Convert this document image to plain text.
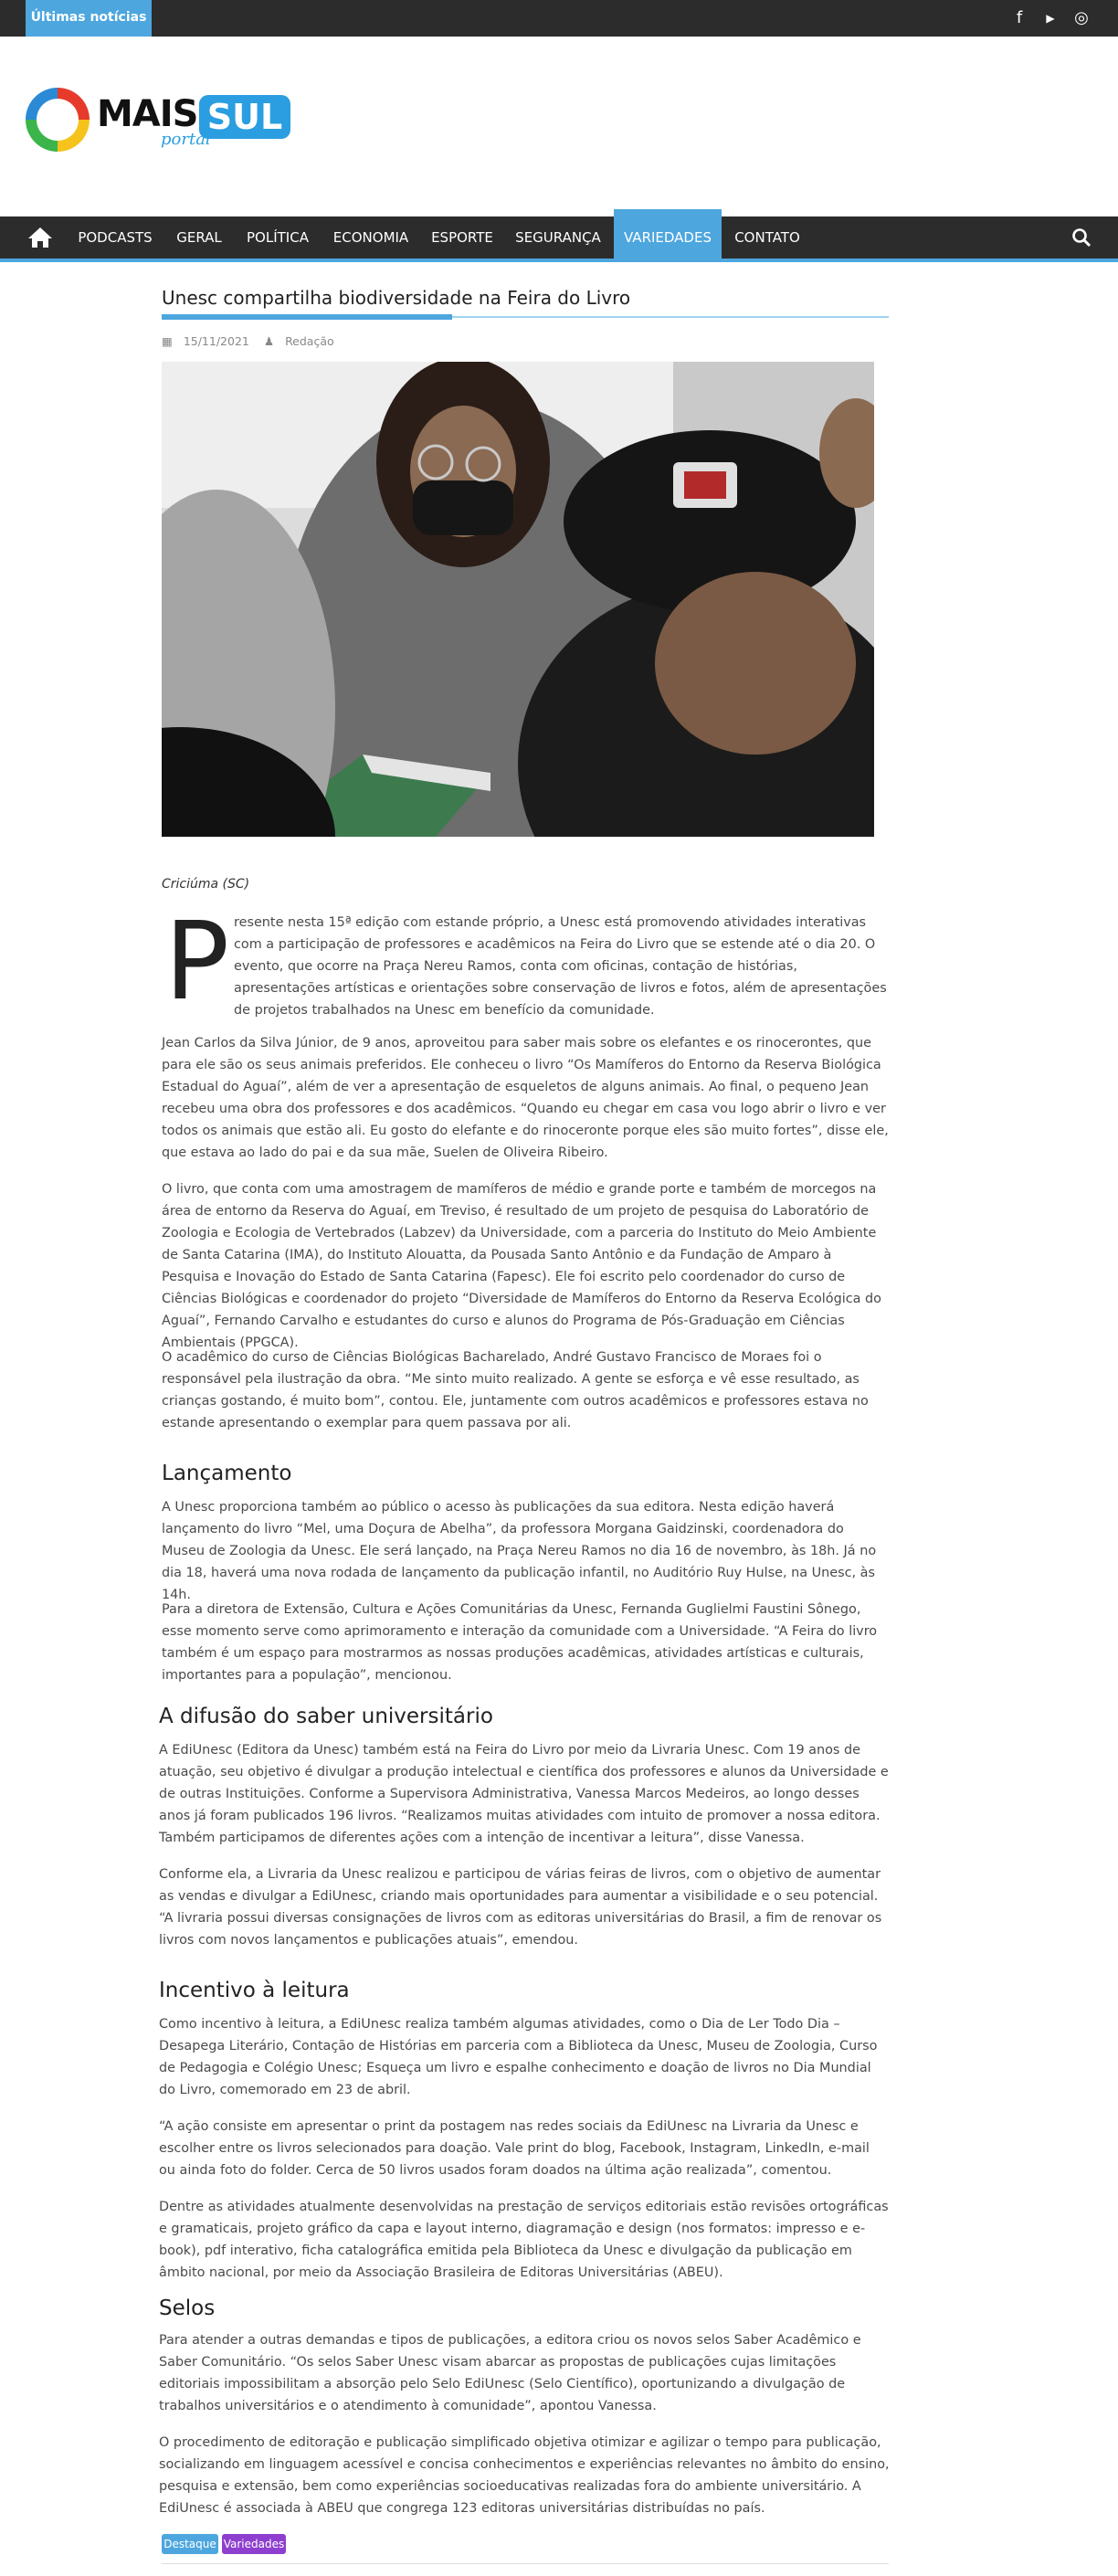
Últimas notícias	f	▶	◎
MAIS SUL
portal
PODCASTS	GERAL	POLÍTICA	ECONOMIA	ESPORTE	SEGURANÇA	VARIEDADES	CONTATO
Unesc compartilha biodiversidade na Feira do Livro
▦ 15/11/2021 ♟ Redação
Criciúma (SC)
P resente nesta 15ª edição com estande próprio, a Unesc está promovendo atividades interativas com a participação de professores e acadêmicos na Feira do Livro que se estende até o dia 20. O evento, que ocorre na Praça Nereu Ramos, conta com oficinas, contação de histórias, apresentações artísticas e orientações sobre conservação de livros e fotos, além de apresentações de projetos trabalhados na Unesc em benefício da comunidade.
Jean Carlos da Silva Júnior, de 9 anos, aproveitou para saber mais sobre os elefantes e os rinocerontes, que para ele são os seus animais preferidos. Ele conheceu o livro “Os Mamíferos do Entorno da Reserva Biológica Estadual do Aguaí”, além de ver a apresentação de esqueletos de alguns animais. Ao final, o pequeno Jean recebeu uma obra dos professores e dos acadêmicos. “Quando eu chegar em casa vou logo abrir o livro e ver todos os animais que estão ali. Eu gosto do elefante e do rinoceronte porque eles são muito fortes”, disse ele, que estava ao lado do pai e da sua mãe, Suelen de Oliveira Ribeiro.
O livro, que conta com uma amostragem de mamíferos de médio e grande porte e também de morcegos na área de entorno da Reserva do Aguaí, em Treviso, é resultado de um projeto de pesquisa do Laboratório de Zoologia e Ecologia de Vertebrados (Labzev) da Universidade, com a parceria do Instituto do Meio Ambiente de Santa Catarina (IMA), do Instituto Alouatta, da Pousada Santo Antônio e da Fundação de Amparo à Pesquisa e Inovação do Estado de Santa Catarina (Fapesc). Ele foi escrito pelo coordenador do curso de Ciências Biológicas e coordenador do projeto “Diversidade de Mamíferos do Entorno da Reserva Ecológica do Aguaí”, Fernando Carvalho e estudantes do curso e alunos do Programa de Pós-Graduação em Ciências Ambientais (PPGCA).
O acadêmico do curso de Ciências Biológicas Bacharelado, André Gustavo Francisco de Moraes foi o responsável pela ilustração da obra. “Me sinto muito realizado. A gente se esforça e vê esse resultado, as crianças gostando, é muito bom”, contou. Ele, juntamente com outros acadêmicos e professores estava no estande apresentando o exemplar para quem passava por ali.
Lançamento
A Unesc proporciona também ao público o acesso às publicações da sua editora. Nesta edição haverá lançamento do livro “Mel, uma Doçura de Abelha”, da professora Morgana Gaidzinski, coordenadora do Museu de Zoologia da Unesc. Ele será lançado, na Praça Nereu Ramos no dia 16 de novembro, às 18h. Já no dia 18, haverá uma nova rodada de lançamento da publicação infantil, no Auditório Ruy Hulse, na Unesc, às 14h.
Para a diretora de Extensão, Cultura e Ações Comunitárias da Unesc, Fernanda Guglielmi Faustini Sônego, esse momento serve como aprimoramento e interação da comunidade com a Universidade. “A Feira do livro também é um espaço para mostrarmos as nossas produções acadêmicas, atividades artísticas e culturais, importantes para a população”, mencionou.
A difusão do saber universitário
A EdiUnesc (Editora da Unesc) também está na Feira do Livro por meio da Livraria Unesc. Com 19 anos de atuação, seu objetivo é divulgar a produção intelectual e científica dos professores e alunos da Universidade e de outras Instituições. Conforme a Supervisora Administrativa, Vanessa Marcos Medeiros, ao longo desses anos já foram publicados 196 livros. “Realizamos muitas atividades com intuito de promover a nossa editora. Também participamos de diferentes ações com a intenção de incentivar a leitura”, disse Vanessa.
Conforme ela, a Livraria da Unesc realizou e participou de várias feiras de livros, com o objetivo de aumentar as vendas e divulgar a EdiUnesc, criando mais oportunidades para aumentar a visibilidade e o seu potencial. “A livraria possui diversas consignações de livros com as editoras universitárias do Brasil, a fim de renovar os livros com novos lançamentos e publicações atuais”, emendou.
Incentivo à leitura
Como incentivo à leitura, a EdiUnesc realiza também algumas atividades, como o Dia de Ler Todo Dia – Desapega Literário, Contação de Histórias em parceria com a Biblioteca da Unesc, Museu de Zoologia, Curso de Pedagogia e Colégio Unesc; Esqueça um livro e espalhe conhecimento e doação de livros no Dia Mundial do Livro, comemorado em 23 de abril.
“A ação consiste em apresentar o print da postagem nas redes sociais da EdiUnesc na Livraria da Unesc e escolher entre os livros selecionados para doação. Vale print do blog, Facebook, Instagram, LinkedIn, e-mail ou ainda foto do folder. Cerca de 50 livros usados foram doados na última ação realizada”, comentou.
Dentre as atividades atualmente desenvolvidas na prestação de serviços editoriais estão revisões ortográficas e gramaticais, projeto gráfico da capa e layout interno, diagramação e design (nos formatos: impresso e e-book), pdf interativo, ficha catalográfica emitida pela Biblioteca da Unesc e divulgação da publicação em âmbito nacional, por meio da Associação Brasileira de Editoras Universitárias (ABEU).
Selos
Para atender a outras demandas e tipos de publicações, a editora criou os novos selos Saber Acadêmico e Saber Comunitário. “Os selos Saber Unesc visam abarcar as propostas de publicações cujas limitações editoriais impossibilitam a absorção pelo Selo EdiUnesc (Selo Científico), oportunizando a divulgação de trabalhos universitários e o atendimento à comunidade”, apontou Vanessa.
O procedimento de editoração e publicação simplificado objetiva otimizar e agilizar o tempo para publicação, socializando em linguagem acessível e concisa conhecimentos e experiências relevantes no âmbito do ensino, pesquisa e extensão, bem como experiências socioeducativas realizadas fora do ambiente universitário. A EdiUnesc é associada à ABEU que congrega 123 editoras universitárias distribuídas no país.
Destaque Variedades
